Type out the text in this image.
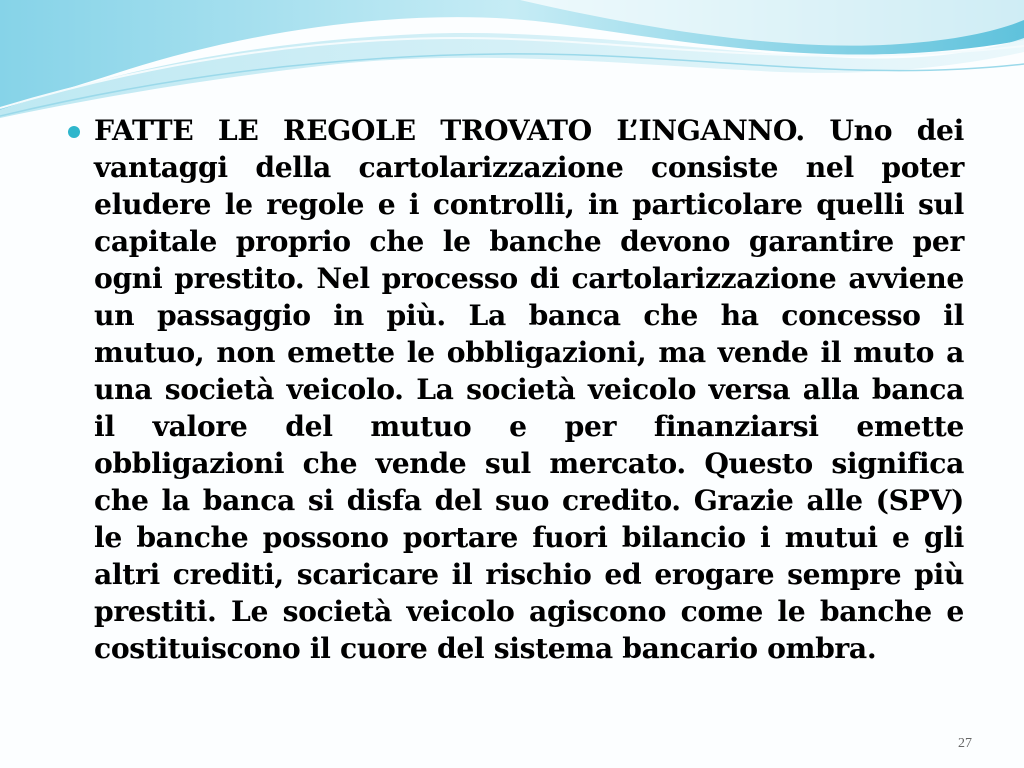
FATTE LE REGOLE TROVATO L’INGANNO. Uno dei vantaggi della cartolarizzazione consiste nel poter eludere le regole e i controlli, in particolare quelli sul capitale proprio che le banche devono garantire per ogni prestito. Nel processo di cartolarizzazione avviene un passaggio in più. La banca che ha concesso il mutuo, non emette le obbligazioni, ma vende il muto a una società veicolo. La società veicolo versa alla banca il valore del mutuo e per finanziarsi emette obbligazioni che vende sul mercato. Questo significa che la banca si disfa del suo credito. Grazie alle (SPV) le banche possono portare fuori bilancio i mutui e gli altri crediti, scaricare il rischio ed erogare sempre più prestiti. Le società veicolo agiscono come le banche e costituiscono il cuore del sistema bancario ombra.
27
